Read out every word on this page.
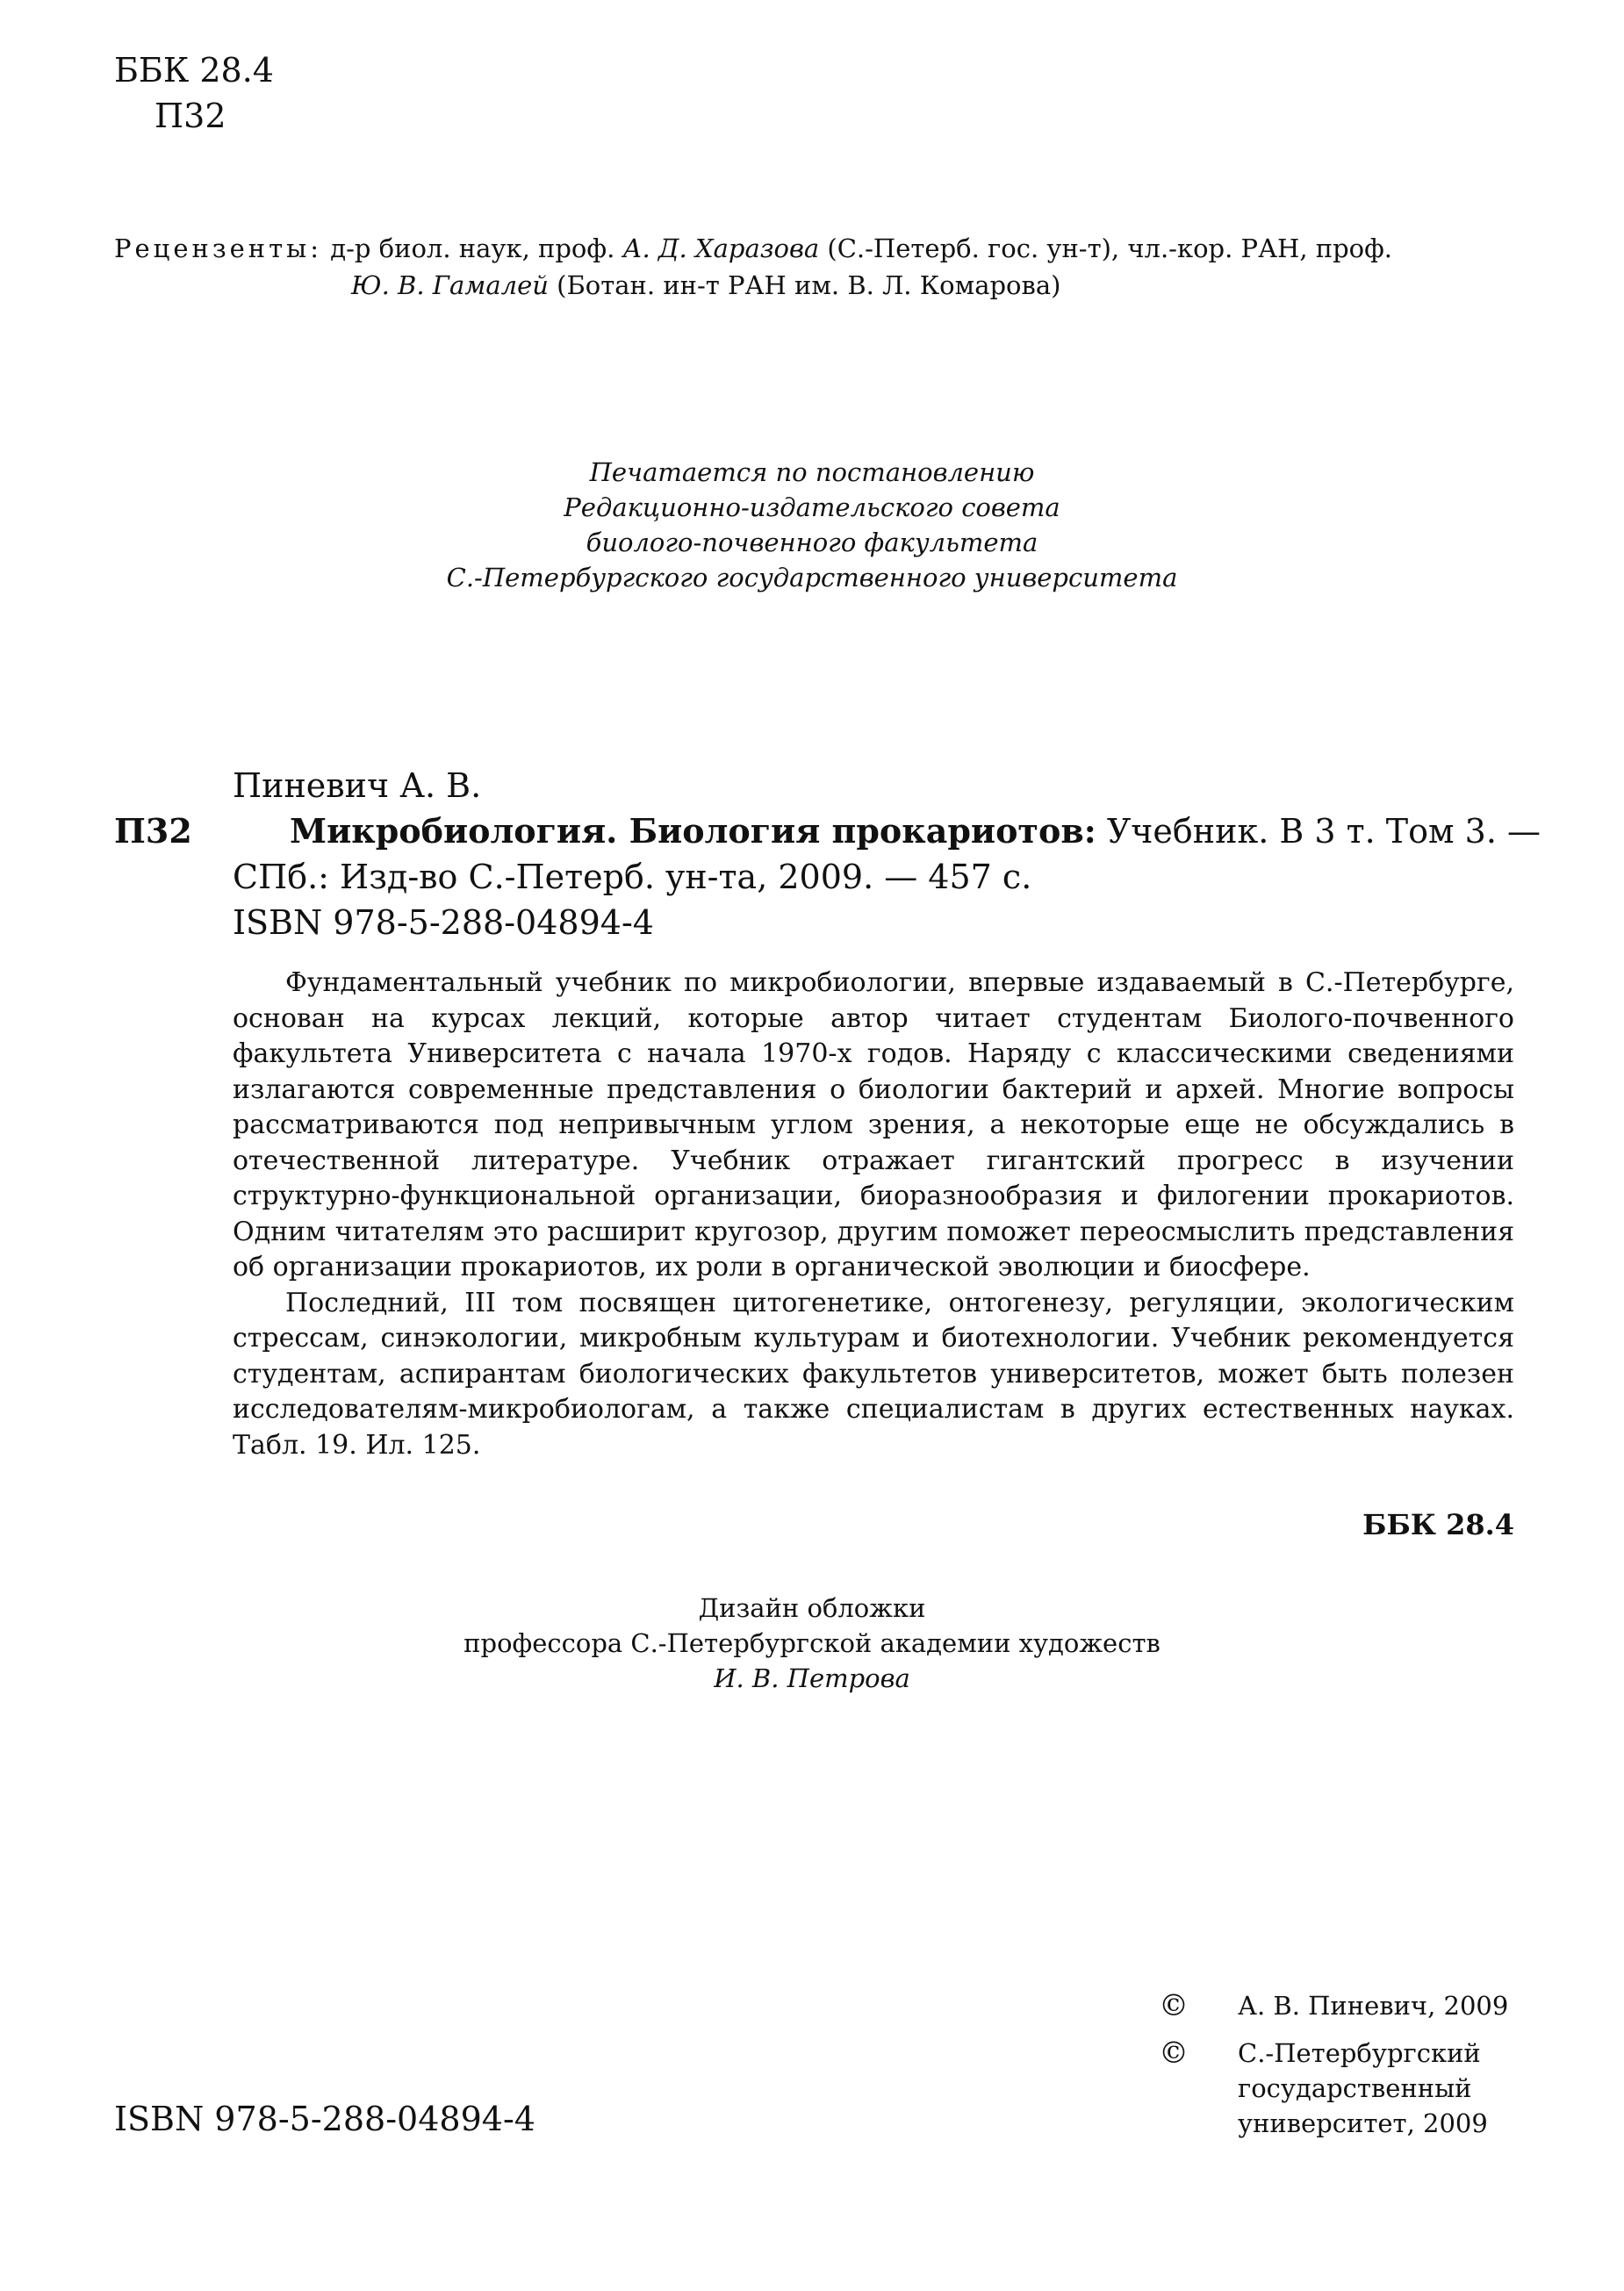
ББК 28.4
П32
Рецензенты: д-р биол. наук, проф. А. Д. Харазова (С.-Петерб. гос. ун-т), чл.-кор. РАН, проф.
Ю. В. Гамалей (Ботан. ин-т РАН им. В. Л. Комарова)
Печатается по постановлению
Редакционно-издательского совета
биолого-почвенного факультета
С.-Петербургского государственного университета
Пиневич А. В.
П32	Микробиология. Биология прокариотов: Учебник. В 3 т. Том 3. —
СПб.: Изд-во С.-Петерб. ун-та, 2009. — 457 с.
ISBN 978-5-288-04894-4

Фундаментальный учебник по микробиологии, впервые издаваемый в С.-Петербурге, основан на курсах лекций, которые автор читает студентам Биолого-почвенного факультета Университета с начала 1970-х годов. Наряду с классическими сведениями излагаются современные представления о биологии бактерий и архей. Многие вопросы рассматриваются под непривычным углом зрения, а некоторые еще не обсуждались в отечественной литературе. Учебник отражает гигантский прогресс в изучении структурно-функциональной организации, биоразнообразия и филогении прокариотов. Одним читателям это расширит кругозор, другим поможет переосмыслить представления об организации прокариотов, их роли в органической эволюции и биосфере.

Последний, III том посвящен цитогенетике, онтогенезу, регуляции, экологическим стрессам, синэкологии, микробным культурам и биотехнологии. Учебник рекомендуется студентам, аспирантам биологических факультетов университетов, может быть полезен исследователям-микробиологам, а также специалистам в других естественных науках. Табл. 19. Ил. 125.

ББК 28.4
Дизайн обложки
профессора С.-Петербургской академии художеств
И. В. Петрова
©	А. В. Пиневич, 2009
©	С.-Петербургский
государственный
университет, 2009
ISBN 978-5-288-04894-4
